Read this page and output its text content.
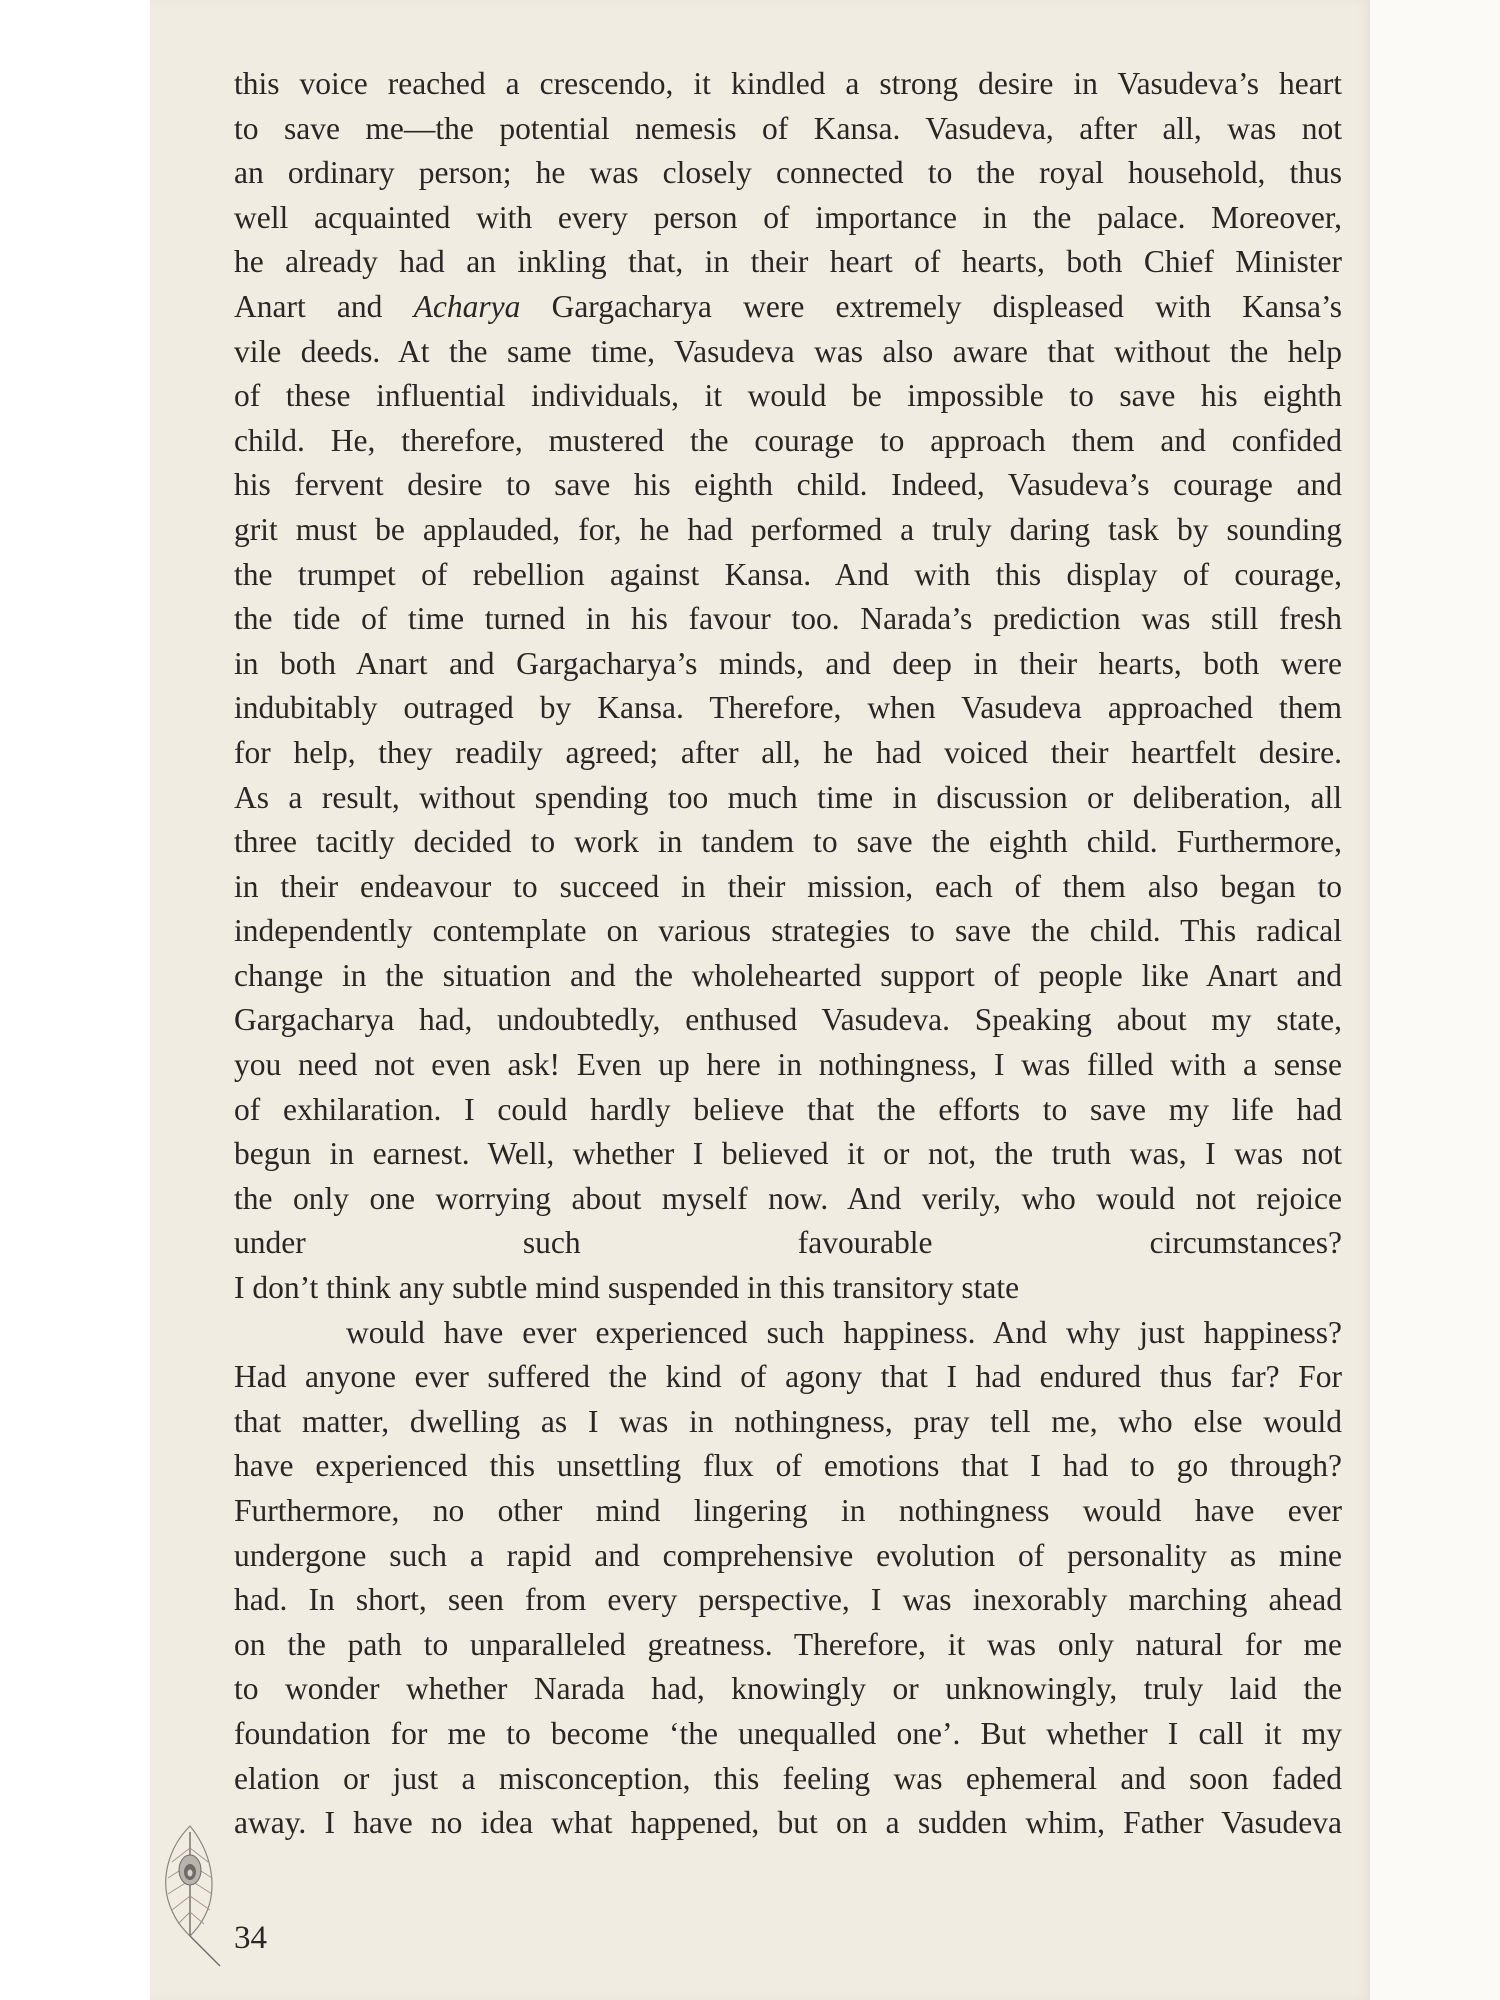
this voice reached a crescendo, it kindled a strong desire in Vasudeva’s heart
to save me—the potential nemesis of Kansa. Vasudeva, after all, was not
an ordinary person; he was closely connected to the royal household, thus
well acquainted with every person of importance in the palace. Moreover,
he already had an inkling that, in their heart of hearts, both Chief Minister
Anart and Acharya Gargacharya were extremely displeased with Kansa’s
vile deeds. At the same time, Vasudeva was also aware that without the help
of these influential individuals, it would be impossible to save his eighth
child. He, therefore, mustered the courage to approach them and confided
his fervent desire to save his eighth child. Indeed, Vasudeva’s courage and
grit must be applauded, for, he had performed a truly daring task by sounding
the trumpet of rebellion against Kansa. And with this display of courage,
the tide of time turned in his favour too. Narada’s prediction was still fresh
in both Anart and Gargacharya’s minds, and deep in their hearts, both were
indubitably outraged by Kansa. Therefore, when Vasudeva approached them
for help, they readily agreed; after all, he had voiced their heartfelt desire.
As a result, without spending too much time in discussion or deliberation, all
three tacitly decided to work in tandem to save the eighth child. Furthermore,
in their endeavour to succeed in their mission, each of them also began to
independently contemplate on various strategies to save the child. This radical
change in the situation and the wholehearted support of people like Anart and
Gargacharya had, undoubtedly, enthused Vasudeva. Speaking about my state,
you need not even ask! Even up here in nothingness, I was filled with a sense
of exhilaration. I could hardly believe that the efforts to save my life had
begun in earnest. Well, whether I believed it or not, the truth was, I was not
the only one worrying about myself now. And verily, who would not rejoice
under such favourable circumstances?
I don’t think any subtle mind suspended in this transitory state
would have ever experienced such happiness. And why just happiness?
Had anyone ever suffered the kind of agony that I had endured thus far? For
that matter, dwelling as I was in nothingness, pray tell me, who else would
have experienced this unsettling flux of emotions that I had to go through?
Furthermore, no other mind lingering in nothingness would have ever
undergone such a rapid and comprehensive evolution of personality as mine
had. In short, seen from every perspective, I was inexorably marching ahead
on the path to unparalleled greatness. Therefore, it was only natural for me
to wonder whether Narada had, knowingly or unknowingly, truly laid the
foundation for me to become ‘the unequalled one’. But whether I call it my
elation or just a misconception, this feeling was ephemeral and soon faded
away. I have no idea what happened, but on a sudden whim, Father Vasudeva
34
